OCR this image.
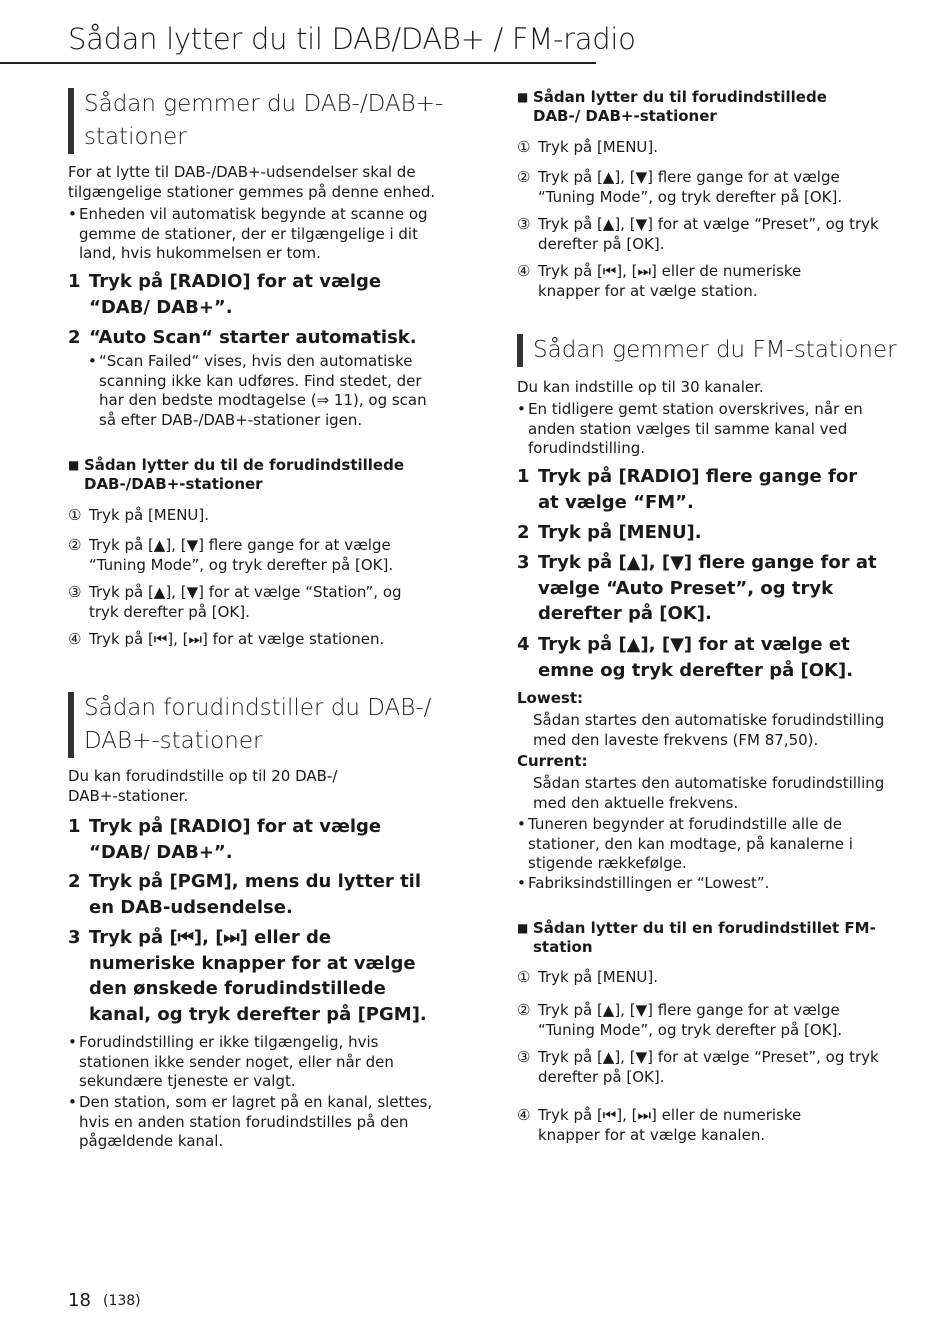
Sådan lytter du til DAB/DAB+ / FM-radio
Sådan gemmer du DAB-/DAB+-
stationer
For at lytte til DAB-/DAB+-udsendelser skal de tilgængelige stationer gemmes på denne enhed.
• Enheden vil automatisk begynde at scanne og gemme de stationer, der er tilgængelige i dit land, hvis hukommelsen er tom.
1 Tryk på [RADIO] for at vælge “DAB/ DAB+”.
2 “Auto Scan“ starter automatisk.
• “Scan Failed“ vises, hvis den automatiske scanning ikke kan udføres. Find stedet, der har den bedste modtagelse (⇒ 11), og scan så efter DAB-/DAB+-stationer igen.
■ Sådan lytter du til de forudindstillede DAB-/DAB+-stationer
① Tryk på [MENU].
② Tryk på [▲], [▼] flere gange for at vælge “Tuning Mode”, og tryk derefter på [OK].
③ Tryk på [▲], [▼] for at vælge “Station”, og tryk derefter på [OK].
④ Tryk på [⏮], [⏭] for at vælge stationen.
Sådan forudindstiller du DAB-/
DAB+-stationer
Du kan forudindstille op til 20 DAB-/ DAB+-stationer.
1 Tryk på [RADIO] for at vælge “DAB/ DAB+”.
2 Tryk på [PGM], mens du lytter til en DAB-udsendelse.
3 Tryk på [⏮], [⏭] eller de numeriske knapper for at vælge den ønskede forudindstillede kanal, og tryk derefter på [PGM].
• Forudindstilling er ikke tilgængelig, hvis stationen ikke sender noget, eller når den sekundære tjeneste er valgt.
• Den station, som er lagret på en kanal, slettes, hvis en anden station forudindstilles på den pågældende kanal.
■ Sådan lytter du til forudindstillede DAB-/ DAB+-stationer
① Tryk på [MENU].
② Tryk på [▲], [▼] flere gange for at vælge “Tuning Mode”, og tryk derefter på [OK].
③ Tryk på [▲], [▼] for at vælge “Preset”, og tryk derefter på [OK].
④ Tryk på [⏮], [⏭] eller de numeriske knapper for at vælge station.
Sådan gemmer du FM-stationer
Du kan indstille op til 30 kanaler.
• En tidligere gemt station overskrives, når en anden station vælges til samme kanal ved forudindstilling.
1 Tryk på [RADIO] flere gange for at vælge “FM”.
2 Tryk på [MENU].
3 Tryk på [▲], [▼] flere gange for at vælge “Auto Preset”, og tryk derefter på [OK].
4 Tryk på [▲], [▼] for at vælge et emne og tryk derefter på [OK].
Lowest:
Sådan startes den automatiske forudindstilling med den laveste frekvens (FM 87,50).
Current:
Sådan startes den automatiske forudindstilling med den aktuelle frekvens.
• Tuneren begynder at forudindstille alle de stationer, den kan modtage, på kanalerne i stigende rækkefølge.
• Fabriksindstillingen er “Lowest”.
■ Sådan lytter du til en forudindstillet FM-station
① Tryk på [MENU].
② Tryk på [▲], [▼] flere gange for at vælge “Tuning Mode”, og tryk derefter på [OK].
③ Tryk på [▲], [▼] for at vælge “Preset”, og tryk derefter på [OK].
④ Tryk på [⏮], [⏭] eller de numeriske knapper for at vælge kanalen.
18 (138)
